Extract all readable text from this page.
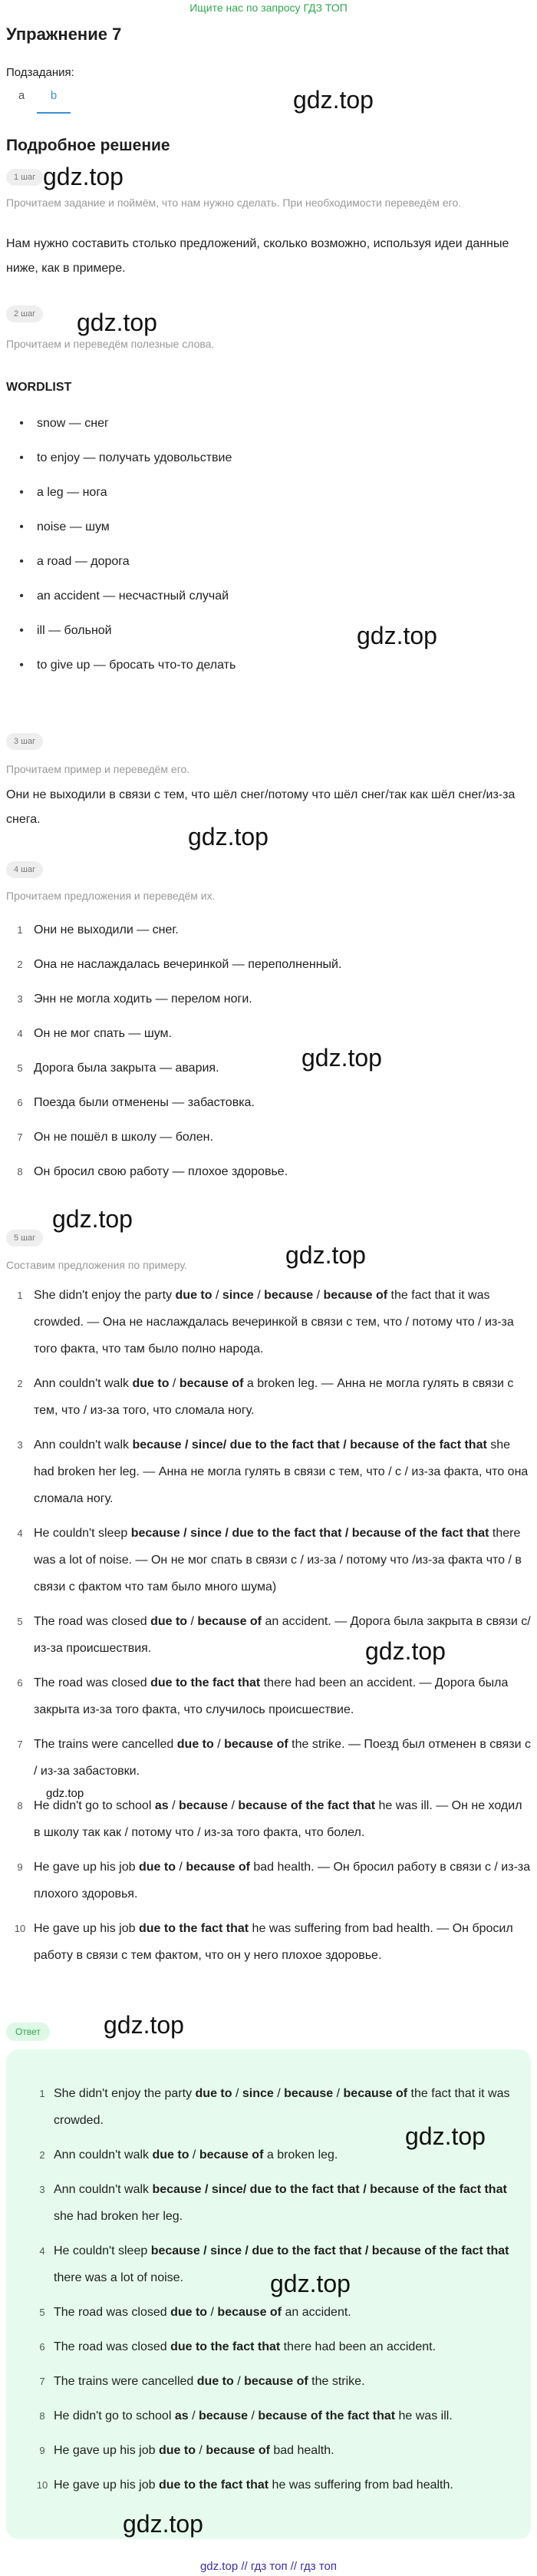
Ищите нас по запросу ГДЗ ТОП
Упражнение 7
Подзадания:
a	b
Подробное решение
1 шаг
Прочитаем задание и поймём, что нам нужно сделать. При необходимости переведём его.
Нам нужно составить столько предложений, сколько возможно, используя идеи данные ниже, как в примере.
2 шаг
Прочитаем и переведём полезные слова.
WORDLIST
•	snow — снег
•	to enjoy — получать удовольствие
•	a leg — нога
•	noise — шум
•	a road — дорога
•	an accident — несчастный случай
•	ill — больной
•	to give up — бросать что-то делать
3 шаг
Прочитаем пример и переведём его.
Они не выходили в связи с тем, что шёл снег/потому что шёл снег/так как шёл снег/из-за снега.
4 шаг
Прочитаем предложения и переведём их.
1 Они не выходили — снег.
2 Она не наслаждалась вечеринкой — переполненный.
3 Энн не могла ходить — перелом ноги.
4 Он не мог спать — шум.
5 Дорога была закрыта — авария.
6 Поезда были отменены — забастовка.
7 Он не пошёл в школу — болен.
8 Он бросил свою работу — плохое здоровье.
5 шаг
Составим предложения по примеру.
1 She didn't enjoy the party due to / since / because / because of the fact that it was crowded. — Она не наслаждалась вечеринкой в связи с тем, что / потому что / из-за того факта, что там было полно народа.
2 Ann couldn't walk due to / because of a broken leg. — Анна не могла гулять в связи с тем, что / из-за того, что сломала ногу.
3 Ann couldn't walk because / since/ due to the fact that / because of the fact that she had broken her leg. — Анна не могла гулять в связи с тем, что / с / из-за факта, что она сломала ногу.
4 He couldn't sleep because / since / due to the fact that / because of the fact that there was a lot of noise. — Он не мог спать в связи с / из-за / потому что /из-за факта что / в связи с фактом что там было много шума)
5 The road was closed due to / because of an accident. — Дорога была закрыта в связи с/из-за происшествия.
6 The road was closed due to the fact that there had been an accident. — Дорога была закрыта из-за того факта, что случилось происшествие.
7 The trains were cancelled due to / because of the strike. — Поезд был отменен в связи с / из-за забастовки.
8 He didn't go to school as / because / because of the fact that he was ill. — Он не ходил в школу так как / потому что / из-за того факта, что болел.
9 He gave up his job due to / because of bad health. — Он бросил работу в связи с / из-за плохого здоровья.
10 He gave up his job due to the fact that he was suffering from bad health. — Он бросил работу в связи с тем фактом, что он у него плохое здоровье.
Ответ
1 She didn't enjoy the party due to / since / because / because of the fact that it was crowded.
2 Ann couldn't walk due to / because of a broken leg.
3 Ann couldn't walk because / since/ due to the fact that / because of the fact that she had broken her leg.
4 He couldn't sleep because / since / due to the fact that / because of the fact that there was a lot of noise.
5 The road was closed due to / because of an accident.
6 The road was closed due to the fact that there had been an accident.
7 The trains were cancelled due to / because of the strike.
8 He didn't go to school as / because / because of the fact that he was ill.
9 He gave up his job due to / because of bad health.
10 He gave up his job due to the fact that he was suffering from bad health.
gdz.top
gdz.top
gdz.top
gdz.top
gdz.top
gdz.top
gdz.top
gdz.top
gdz.top
gdz.top
gdz.top
gdz.top
gdz.top
gdz.top
gdz.top // гдз топ // гдз топ
